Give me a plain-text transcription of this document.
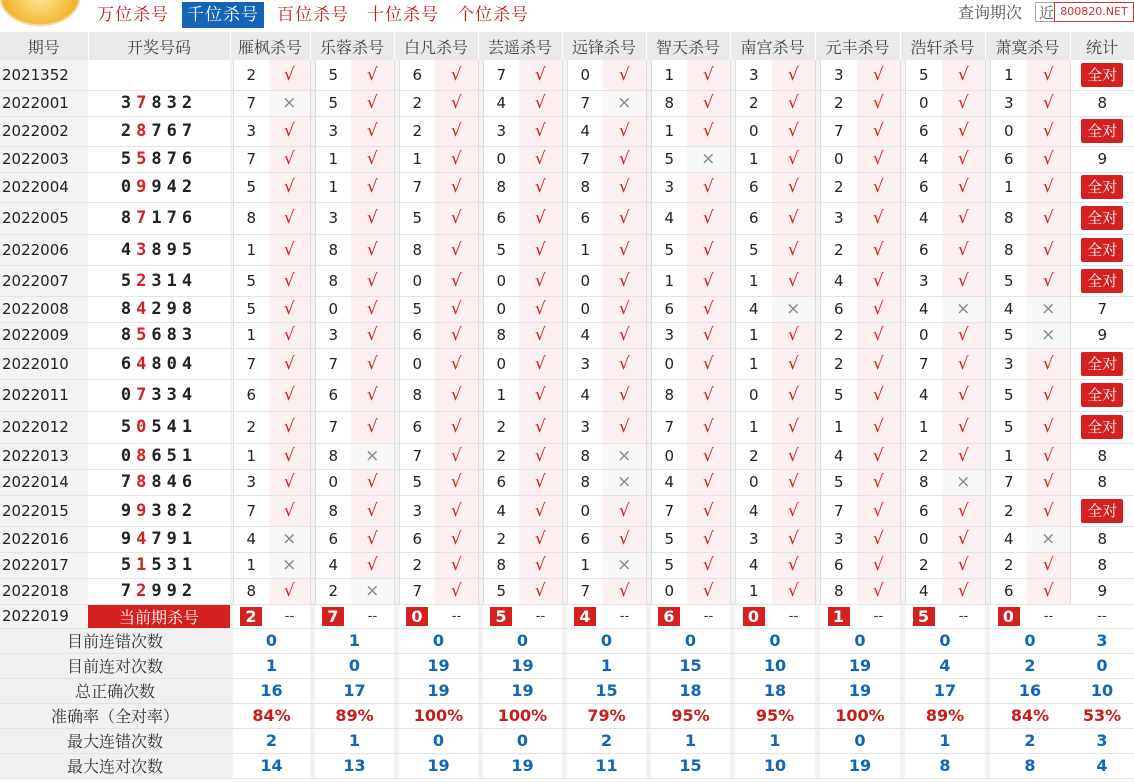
万位杀号 千位杀号 百位杀号 十位杀号 个位杀号	查询期次 近 800820.NET
期号	开奖号码	雁枫杀号			乐蓉杀号			白凡杀号			芸遥杀号			远锋杀号			智天杀号			南宫杀号			元丰杀号			浩轩杀号			萧寞杀号			统计
2021352			2	√		5	√		6	√		7	√		0	√		1	√		3	√		3	√		5	√		1	√	全对
2022001	37832		7	×		5	√		2	√		4	√		7	×		8	√		2	√		2	√		0	√		3	√	8
2022002	28767		3	√		3	√		2	√		3	√		4	√		1	√		0	√		7	√		6	√		0	√	全对
2022003	55876		7	√		1	√		1	√		0	√		7	√		5	×		1	√		0	√		4	√		6	√	9
2022004	09942		5	√		1	√		7	√		8	√		8	√		3	√		6	√		2	√		6	√		1	√	全对
2022005	87176		8	√		3	√		5	√		6	√		6	√		4	√		6	√		3	√		4	√		8	√	全对
2022006	43895		1	√		8	√		8	√		5	√		1	√		5	√		5	√		2	√		6	√		8	√	全对
2022007	52314		5	√		8	√		0	√		0	√		0	√		1	√		1	√		4	√		3	√		5	√	全对
2022008	84298		5	√		0	√		5	√		0	√		0	√		6	√		4	×		6	√		4	×		4	×	7
2022009	85683		1	√		3	√		6	√		8	√		4	√		3	√		1	√		2	√		0	√		5	×	9
2022010	64804		7	√		7	√		0	√		0	√		3	√		0	√		1	√		2	√		7	√		3	√	全对
2022011	07334		6	√		6	√		8	√		1	√		4	√		8	√		0	√		5	√		4	√		5	√	全对
2022012	50541		2	√		7	√		6	√		2	√		3	√		7	√		1	√		1	√		1	√		5	√	全对
2022013	08651		1	√		8	×		7	√		2	√		8	×		0	√		2	√		4	√		2	√		1	√	8
2022014	78846		3	√		0	√		5	√		6	√		8	×		4	√		0	√		5	√		8	×		7	√	8
2022015	99382		7	√		8	√		3	√		4	√		0	√		7	√		4	√		7	√		6	√		2	√	全对
2022016	94791		4	×		6	√		6	√		2	√		6	√		5	√		3	√		3	√		0	√		4	×	8
2022017	51531		1	×		4	√		2	√		8	√		1	×		5	√		4	√		6	√		2	√		2	√	8
2022018	72992		8	√		2	×		7	√		5	√		7	√		0	√		1	√		8	√		4	√		6	√	9
2022019	当前期杀号		2	--		7	--		0	--		5	--		4	--		6	--		0	--		1	--		5	--		0	--	--
目前连错次数			0			1			0			0			0			0			0			0			0			0		3
目前连对次数			1			0			19			19			1			15			10			19			4			2		0
总正确次数			16			17			19			19			15			18			18			19			17			16		10
准确率（全对率）			84%			89%			100%			100%			79%			95%			95%			100%			89%			84%		53%
最大连错次数			2			1			0			0			2			1			1			0			1			2		3
最大连对次数			14			13			19			19			11			15			10			19			8			8		4
